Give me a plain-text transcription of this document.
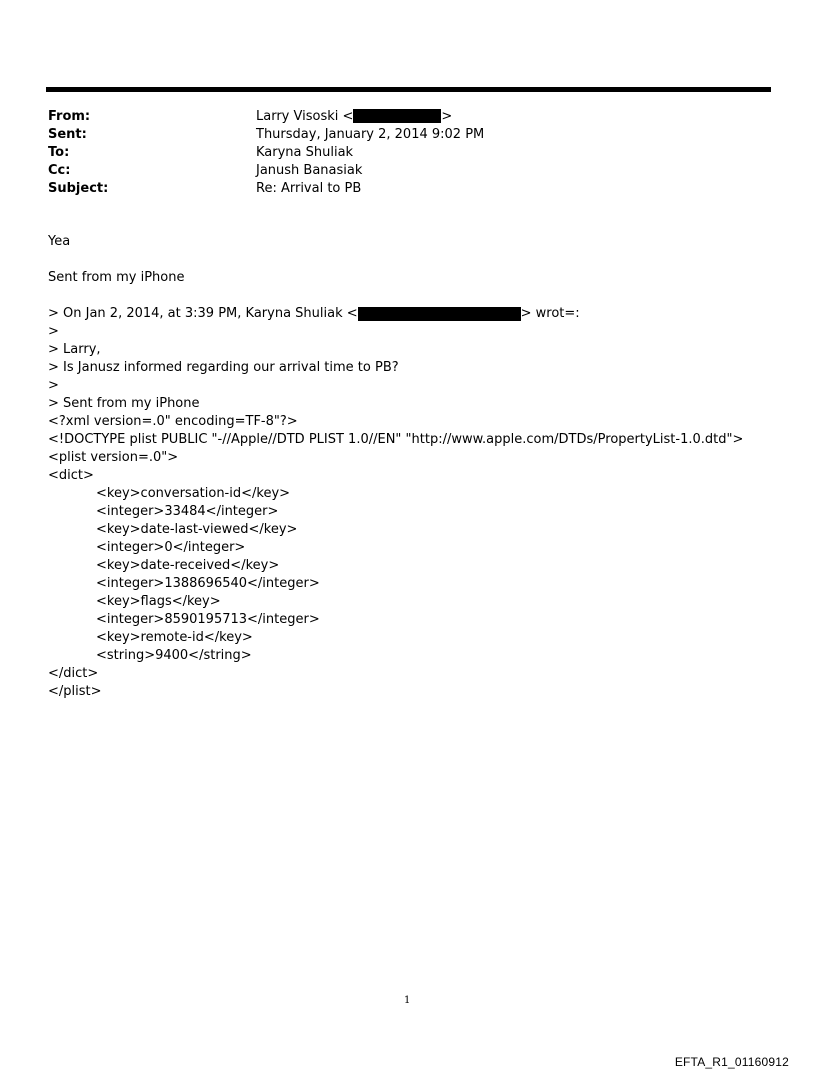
From:	Larry Visoski <	>
Sent:	Thursday, January 2, 2014 9:02 PM
To:	Karyna Shuliak
Cc:	Janush Banasiak
Subject:	Re: Arrival to PB
Yea

Sent from my iPhone

> On Jan 2, 2014, at 3:39 PM, Karyna Shuliak <	> wrot=:
>
> Larry,
> Is Janusz informed regarding our arrival time to PB?
>
> Sent from my iPhone
<?xml version=.0" encoding=TF-8"?>
<!DOCTYPE plist PUBLIC "-//Apple//DTD PLIST 1.0//EN" "http://www.apple.com/DTDs/PropertyList-1.0.dtd">
<plist version=.0">
<dict>
<key>conversation-id</key>
<integer>33484</integer>
<key>date-last-viewed</key>
<integer>0</integer>
<key>date-received</key>
<integer>1388696540</integer>
<key>flags</key>
<integer>8590195713</integer>
<key>remote-id</key>
<string>9400</string>
</dict>
</plist>
1
EFTA_R1_01160912
